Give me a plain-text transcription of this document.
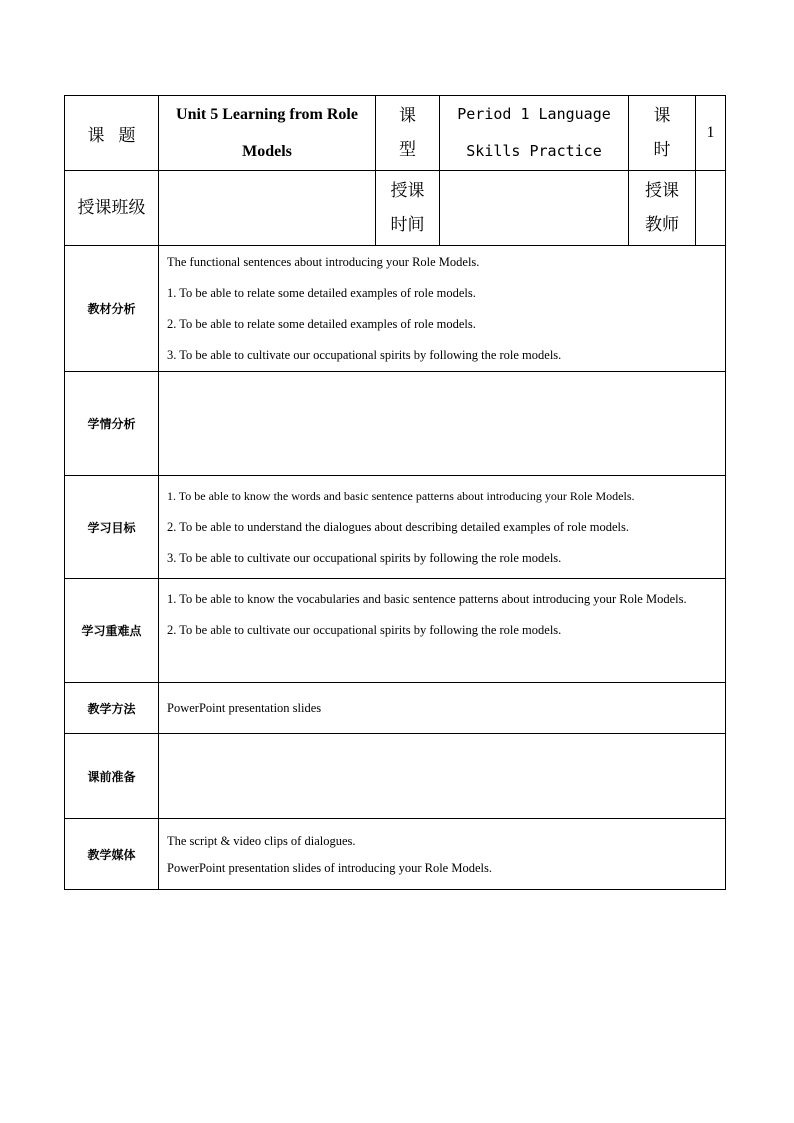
课题	Unit 5 Learning from Role Models	课型	Period 1 Language Skills Practice	课时	1
授课班级		授课时间		授课教师	
教材分析	The functional sentences about introducing your Role Models.

1. To be able to relate some detailed examples of role models.

2. To be able to relate some detailed examples of role models.

3. To be able to cultivate our occupational spirits by following the role models.				

学情分析					
学习目标	1. To be able to know the words and basic sentence patterns about introducing your Role Models.

2. To be able to understand the dialogues about describing detailed examples of role models.

3. To be able to cultivate our occupational spirits by following the role models.				

学习重难点	1. To be able to know the vocabularies and basic sentence patterns about introducing your Role Models.

2. To be able to cultivate our occupational spirits by following the role models.				

教学方法	PowerPoint presentation slides				

课前准备					
教学媒体	The script & video clips of dialogues.

PowerPoint presentation slides of introducing your Role Models.				
